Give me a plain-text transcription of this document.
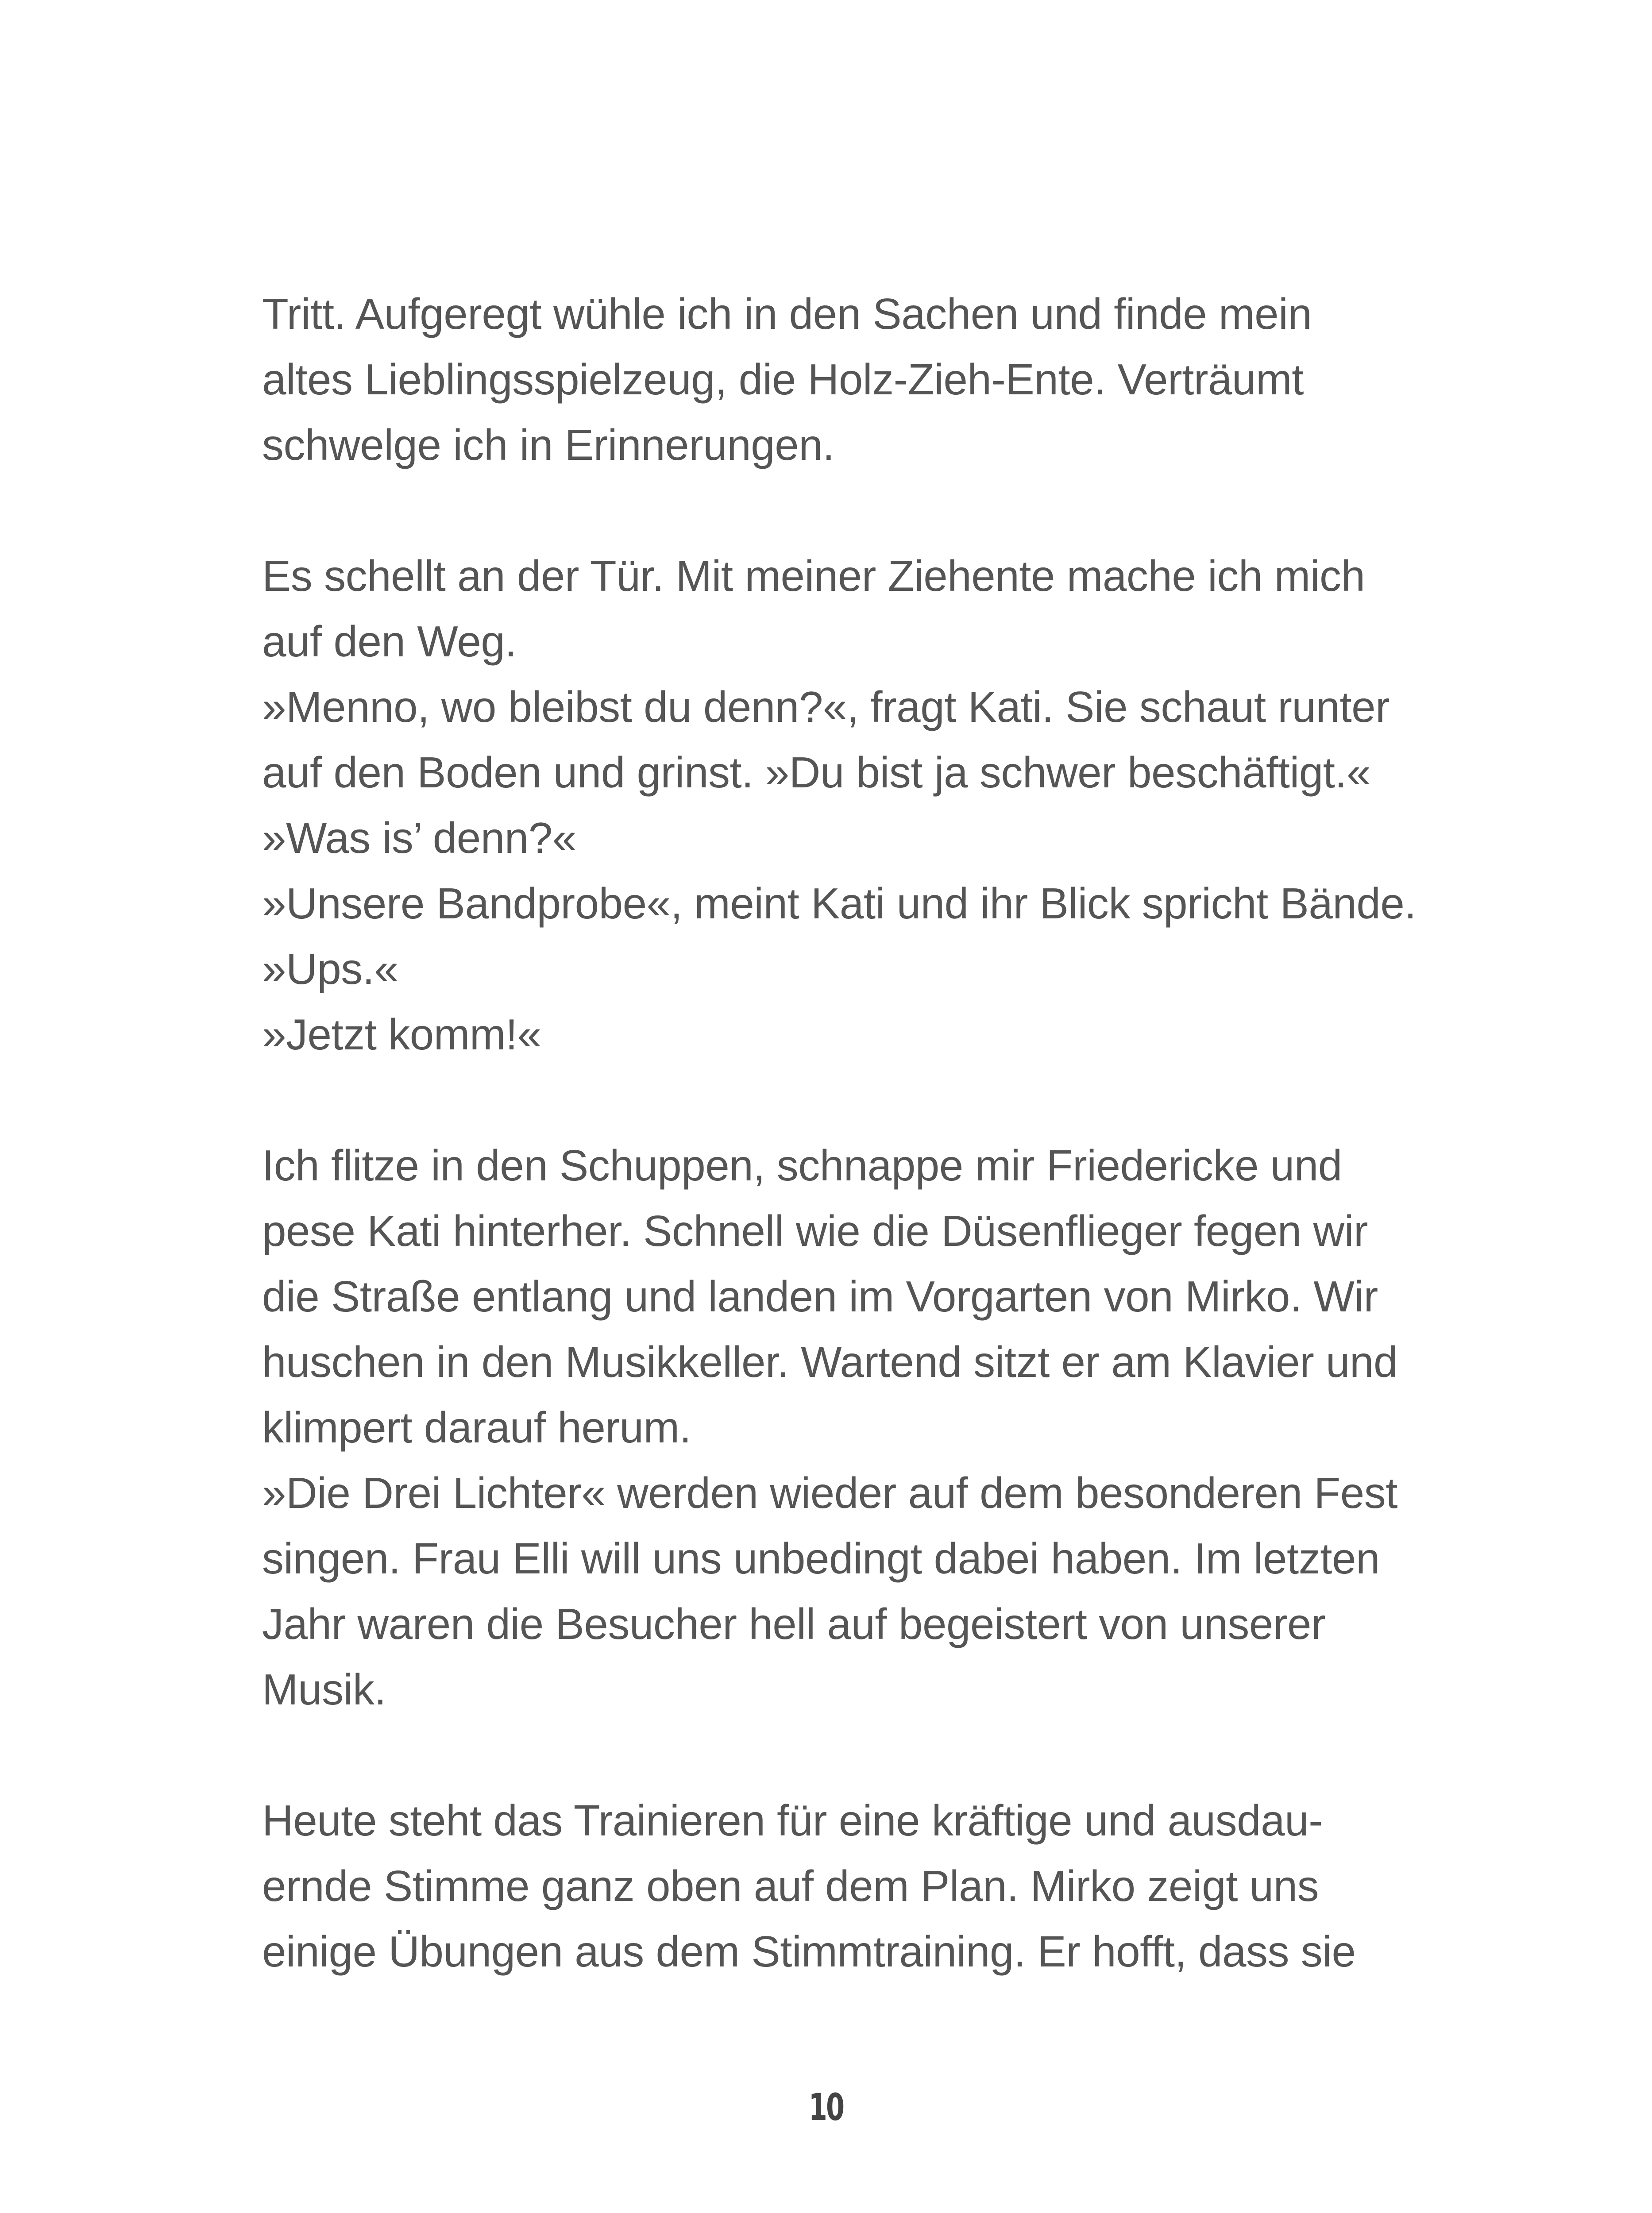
Tritt. Aufgeregt wühle ich in den Sachen und finde mein
altes Lieblingsspielzeug, die Holz-Zieh-Ente. Verträumt
schwelge ich in Erinnerungen.
Es schellt an der Tür. Mit meiner Ziehente mache ich mich
auf den Weg.
»Menno, wo bleibst du denn?«, fragt Kati. Sie schaut runter
auf den Boden und grinst. »Du bist ja schwer beschäftigt.«
»Was is’ denn?«
»Unsere Bandprobe«, meint Kati und ihr Blick spricht Bände.
»Ups.«
»Jetzt komm!«
Ich flitze in den Schuppen, schnappe mir Friedericke und
pese Kati hinterher. Schnell wie die Düsenflieger fegen wir
die Straße entlang und landen im Vorgarten von Mirko. Wir
huschen in den Musikkeller. Wartend sitzt er am Klavier und
klimpert darauf herum.
»Die Drei Lichter« werden wieder auf dem besonderen Fest
singen. Frau Elli will uns unbedingt dabei haben. Im letzten
Jahr waren die Besucher hell auf begeistert von unserer
Musik.
Heute steht das Trainieren für eine kräftige und ausdau-
ernde Stimme ganz oben auf dem Plan. Mirko zeigt uns
einige Übungen aus dem Stimmtraining. Er hofft, dass sie
10
